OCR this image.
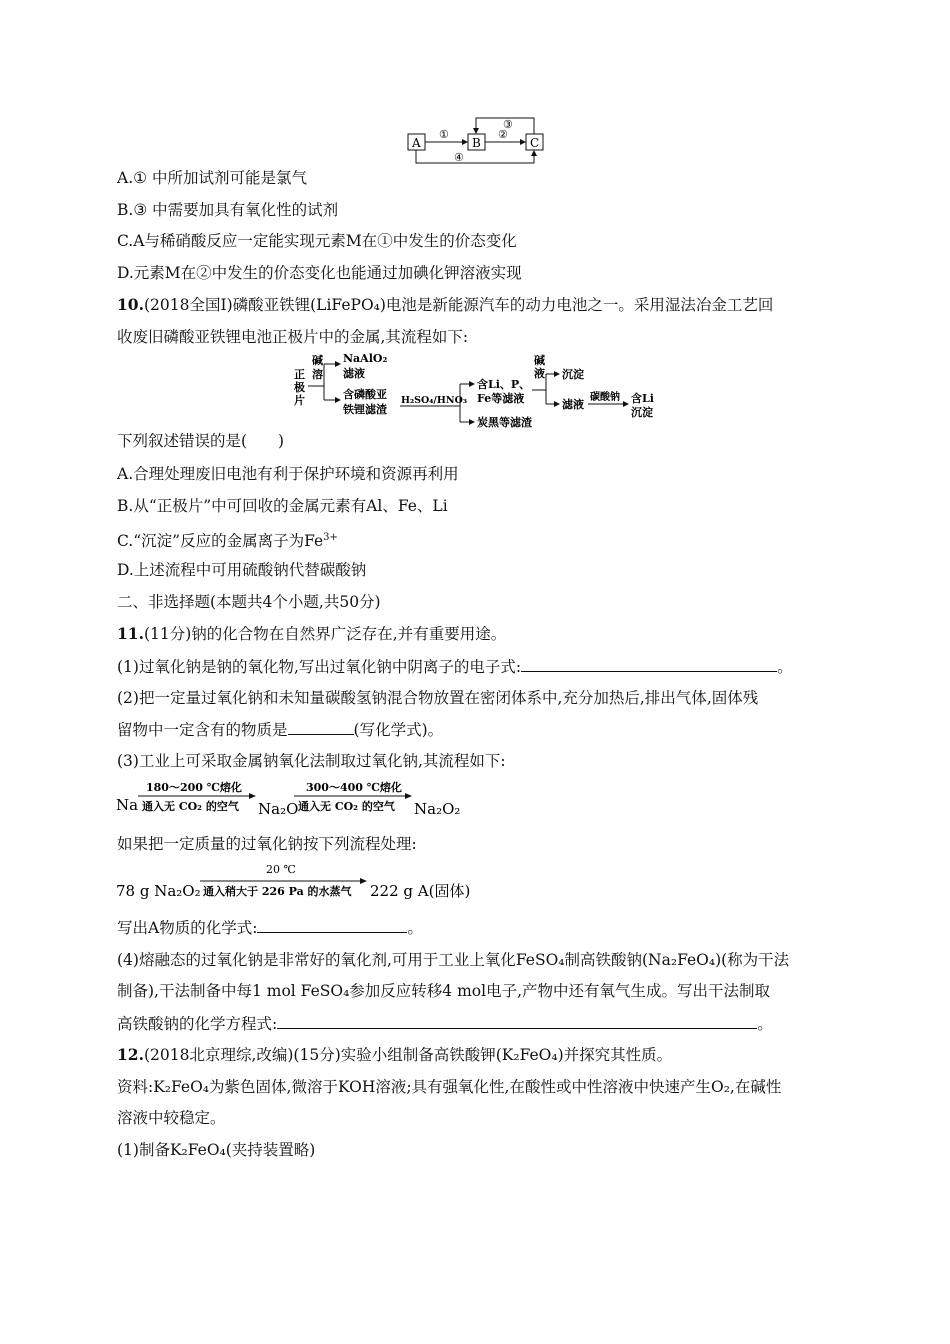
A	B	C
①	②
③
④
A.① 中所加试剂可能是氯气
B.③ 中需要加具有氧化性的试剂
C.A与稀硝酸反应一定能实现元素M在①中发生的价态变化
D.元素M在②中发生的价态变化也能通过加碘化钾溶液实现
10.(2018全国Ⅰ)磷酸亚铁锂(LiFePO₄)电池是新能源汽车的动力电池之一。采用湿法冶金工艺回
收废旧磷酸亚铁锂电池正极片中的金属,其流程如下:
正
极
片
碱
溶
NaAlO₂
滤液
含磷酸亚
铁锂滤渣
H₂SO₄/HNO₃
含Li、P、
Fe等滤液
炭黑等滤渣
碱
液 沉淀
滤液
碳酸钠 含Li
沉淀
下列叙述错误的是(　　)
A.合理处理废旧电池有利于保护环境和资源再利用
B.从“正极片”中可回收的金属元素有Al、Fe、Li
C.“沉淀”反应的金属离子为$Fe^{3+}$
D.上述流程中可用硫酸钠代替碳酸钠
二、非选择题(本题共4个小题,共50分)
11.(11分)钠的化合物在自然界广泛存在,并有重要用途。
(1)过氧化钠是钠的氧化物,写出过氧化钠中阴离子的电子式:	。
(2)把一定量过氧化钠和未知量碳酸氢钠混合物放置在密闭体系中,充分加热后,排出气体,固体残
留物中一定含有的物质是	(写化学式)。
(3)工业上可采取金属钠氧化法制取过氧化钠,其流程如下:
Na
180～200 ℃熔化
通入无 CO₂ 的空气 Na₂O
300～400 ℃熔化
通入无 CO₂ 的空气 Na₂O₂
如果把一定质量的过氧化钠按下列流程处理:
78 g Na₂O₂
20 ℃
通入稍大于 226 Pa 的水蒸气 222 g A(固体)
写出A物质的化学式:	。
(4)熔融态的过氧化钠是非常好的氧化剂,可用于工业上氧化FeSO₄制高铁酸钠(Na₂FeO₄)(称为干法
制备),干法制备中每1 mol FeSO₄参加反应转移4 mol电子,产物中还有氧气生成。写出干法制取
高铁酸钠的化学方程式:	。
12.(2018北京理综,改编)(15分)实验小组制备高铁酸钾(K₂FeO₄)并探究其性质。
资料:K₂FeO₄为紫色固体,微溶于KOH溶液;具有强氧化性,在酸性或中性溶液中快速产生O₂,在碱性
溶液中较稳定。
(1)制备K₂FeO₄(夹持装置略)
